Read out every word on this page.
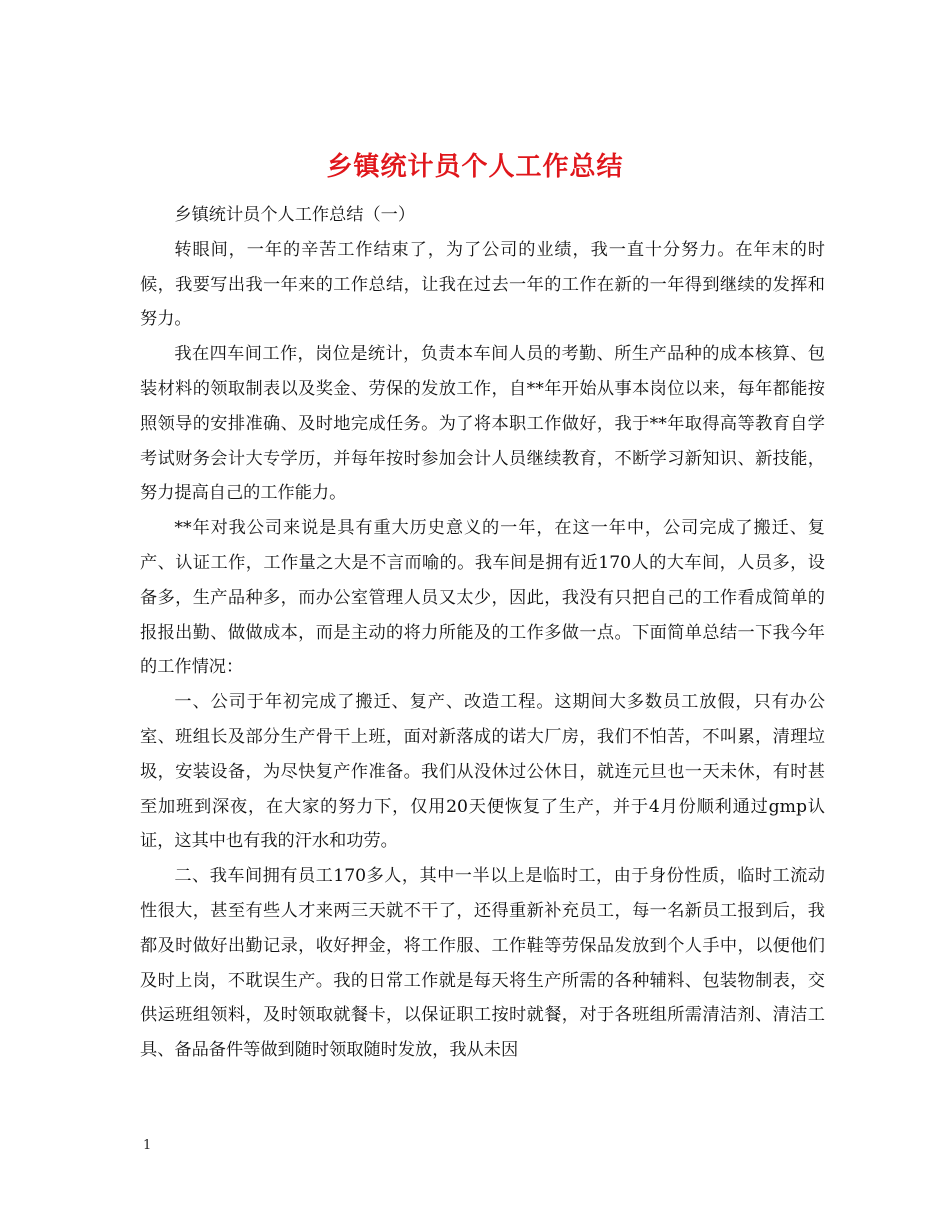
乡镇统计员个人工作总结

乡镇统计员个人工作总结（一）

转眼间，一年的辛苦工作结束了，为了公司的业绩，我一直十分努力。在年末的时候，我要写出我一年来的工作总结，让我在过去一年的工作在新的一年得到继续的发挥和努力。

我在四车间工作，岗位是统计，负责本车间人员的考勤、所生产品种的成本核算、包装材料的领取制表以及奖金、劳保的发放工作，自**年开始从事本岗位以来，每年都能按照领导的安排准确、及时地完成任务。为了将本职工作做好，我于**年取得高等教育自学考试财务会计大专学历，并每年按时参加会计人员继续教育，不断学习新知识、新技能，努力提高自己的工作能力。

**年对我公司来说是具有重大历史意义的一年，在这一年中，公司完成了搬迁、复产、认证工作，工作量之大是不言而喻的。我车间是拥有近170人的大车间，人员多，设备多，生产品种多，而办公室管理人员又太少，因此，我没有只把自己的工作看成简单的报报出勤、做做成本，而是主动的将力所能及的工作多做一点。下面简单总结一下我今年的工作情况：

一、公司于年初完成了搬迁、复产、改造工程。这期间大多数员工放假，只有办公室、班组长及部分生产骨干上班，面对新落成的诺大厂房，我们不怕苦，不叫累，清理垃圾，安装设备，为尽快复产作准备。我们从没休过公休日，就连元旦也一天未休，有时甚至加班到深夜，在大家的努力下，仅用20天便恢复了生产，并于4月份顺利通过gmp认证，这其中也有我的汗水和功劳。

二、我车间拥有员工170多人，其中一半以上是临时工，由于身份性质，临时工流动性很大，甚至有些人才来两三天就不干了，还得重新补充员工，每一名新员工报到后，我都及时做好出勤记录，收好押金，将工作服、工作鞋等劳保品发放到个人手中，以便他们及时上岗，不耽误生产。我的日常工作就是每天将生产所需的各种辅料、包装物制表，交供运班组领料，及时领取就餐卡，以保证职工按时就餐，对于各班组所需清洁剂、清洁工具、备品备件等做到随时领取随时发放，我从未因

1
